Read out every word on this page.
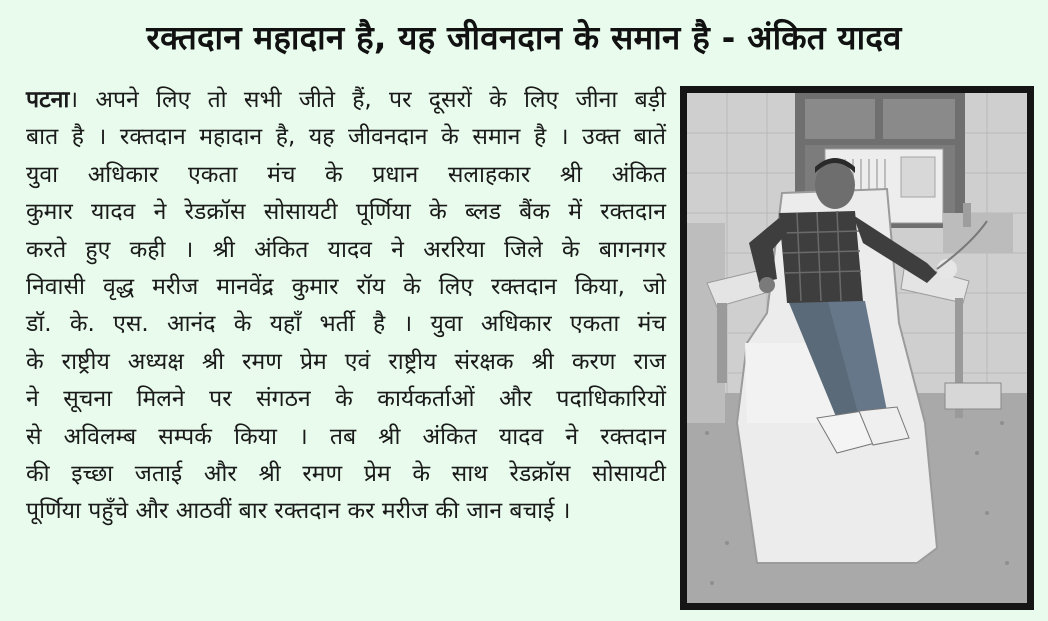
रक्तदान महादान है, यह जीवनदान के समान है - अंकित यादव
पटना। अपने लिए तो सभी जीते हैं, पर दूसरों के लिए जीना बड़ी
बात है । रक्तदान महादान है, यह जीवनदान के समान है । उक्त बातें
युवा अधिकार एकता मंच के प्रधान सलाहकार श्री अंकित
कुमार यादव ने रेडक्रॉस सोसायटी पूर्णिया के ब्लड बैंक में रक्तदान
करते हुए कही । श्री अंकित यादव ने अररिया जिले के बागनगर
निवासी वृद्ध मरीज मानवेंद्र कुमार रॉय के लिए रक्तदान किया, जो
डॉ. के. एस. आनंद के यहाँ भर्ती है । युवा अधिकार एकता मंच
के राष्ट्रीय अध्यक्ष श्री रमण प्रेम एवं राष्ट्रीय संरक्षक श्री करण राज
ने सूचना मिलने पर संगठन के कार्यकर्ताओं और पदाधिकारियों
से अविलम्ब सम्पर्क किया । तब श्री अंकित यादव ने रक्तदान
की इच्छा जताई और श्री रमण प्रेम के साथ रेडक्रॉस सोसायटी
पूर्णिया पहुँचे और आठवीं बार रक्तदान कर मरीज की जान बचाई ।
